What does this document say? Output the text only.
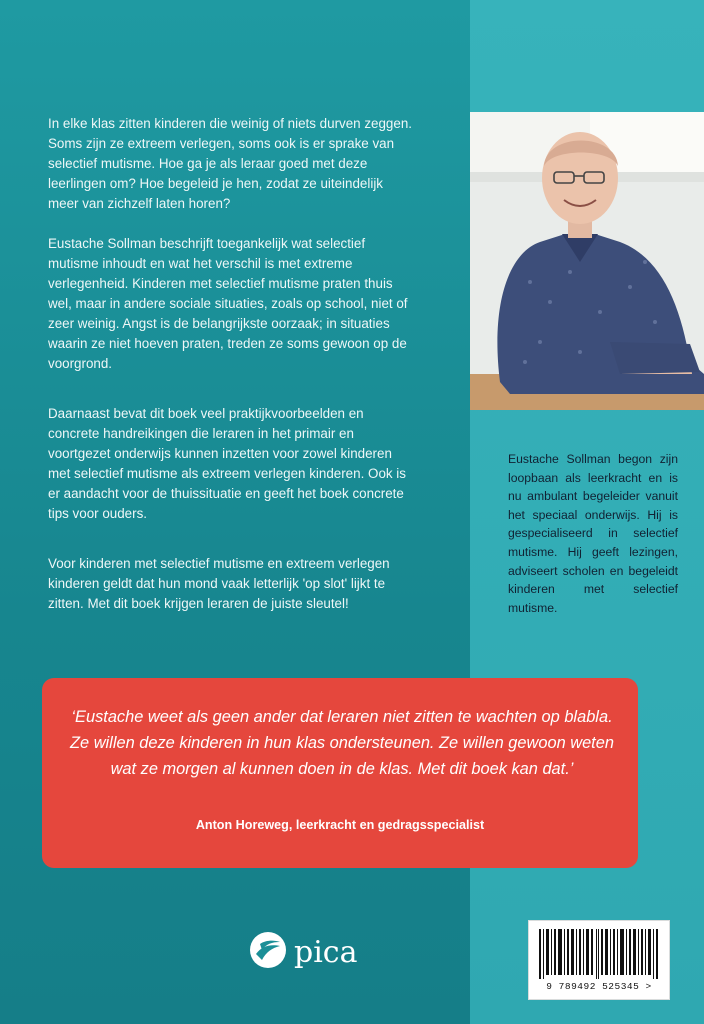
In elke klas zitten kinderen die weinig of niets durven zeggen. Soms zijn ze extreem verlegen, soms ook is er sprake van selectief mutisme. Hoe ga je als leraar goed met deze leerlingen om? Hoe begeleid je hen, zodat ze uiteindelijk meer van zichzelf laten horen?

Eustache Sollman beschrijft toegankelijk wat selectief mutisme inhoudt en wat het verschil is met extreme verlegenheid. Kinderen met selectief mutisme praten thuis wel, maar in andere sociale situaties, zoals op school, niet of zeer weinig. Angst is de belangrijkste oorzaak; in situaties waarin ze niet hoeven praten, treden ze soms gewoon op de voorgrond.

Daarnaast bevat dit boek veel praktijkvoorbeelden en concrete handreikingen die leraren in het primair en voortgezet onderwijs kunnen inzetten voor zowel kinderen met selectief mutisme als extreem verlegen kinderen. Ook is er aandacht voor de thuissituatie en geeft het boek concrete tips voor ouders.

Voor kinderen met selectief mutisme en extreem verlegen kinderen geldt dat hun mond vaak letterlijk 'op slot' lijkt te zitten. Met dit boek krijgen leraren de juiste sleutel!

Eustache Sollman begon zijn loopbaan als leerkracht en is nu ambulant begeleider vanuit het speciaal onderwijs. Hij is gespecialiseerd in selectief mutisme. Hij geeft lezingen, adviseert scholen en begeleidt kinderen met selectief mutisme.

‘Eustache weet als geen ander dat leraren niet zitten te wachten op blabla. Ze willen deze kinderen in hun klas ondersteunen. Ze willen gewoon weten wat ze morgen al kunnen doen in de klas. Met dit boek kan dat.’

Anton Horeweg, leerkracht en gedragsspecialist

pica

9 789492 525345 >
